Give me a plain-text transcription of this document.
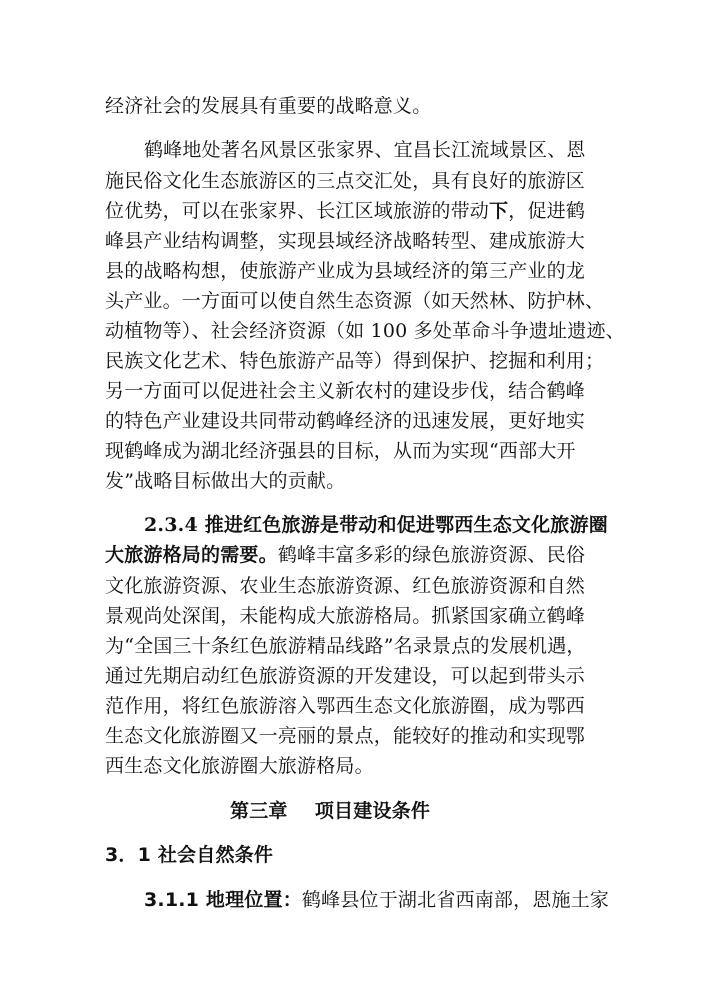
经济社会的发展具有重要的战略意义。
鹤峰地处著名风景区张家界、宜昌长江流域景区、恩
施民俗文化生态旅游区的三点交汇处，具有良好的旅游区
位优势，可以在张家界、长江区域旅游的带动下，促进鹤
峰县产业结构调整，实现县域经济战略转型、建成旅游大
县的战略构想，使旅游产业成为县域经济的第三产业的龙
头产业。一方面可以使自然生态资源（如天然林、防护林、
动植物等）、社会经济资源（如 100 多处革命斗争遗址遗迹、
民族文化艺术、特色旅游产品等）得到保护、挖掘和利用；
另一方面可以促进社会主义新农村的建设步伐，结合鹤峰
的特色产业建设共同带动鹤峰经济的迅速发展，更好地实
现鹤峰成为湖北经济强县的目标，从而为实现“西部大开
发”战略目标做出大的贡献。
2.3.4 推进红色旅游是带动和促进鄂西生态文化旅游圈
大旅游格局的需要。鹤峰丰富多彩的绿色旅游资源、民俗
文化旅游资源、农业生态旅游资源、红色旅游资源和自然
景观尚处深闺，未能构成大旅游格局。抓紧国家确立鹤峰
为“全国三十条红色旅游精品线路”名录景点的发展机遇，
通过先期启动红色旅游资源的开发建设，可以起到带头示
范作用，将红色旅游溶入鄂西生态文化旅游圈，成为鄂西
生态文化旅游圈又一亮丽的景点，能较好的推动和实现鄂
西生态文化旅游圈大旅游格局。
第三章    项目建设条件
3．1 社会自然条件
3.1.1 地理位置：鹤峰县位于湖北省西南部，恩施土家
